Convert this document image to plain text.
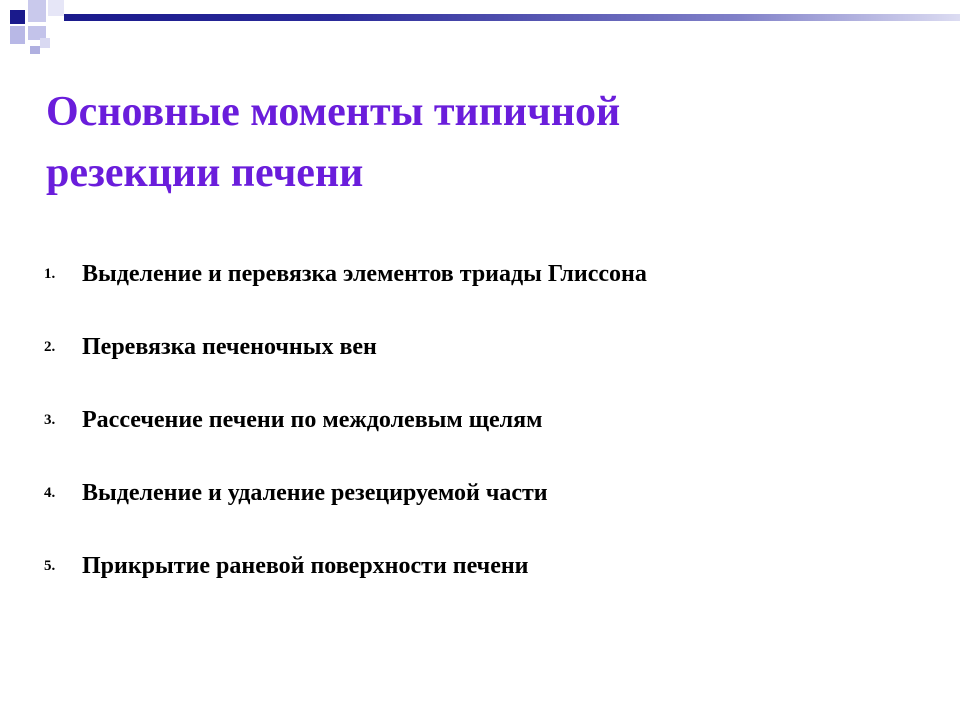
Основные моменты типичной
резекции печени
1.	Выделение и перевязка элементов триады Глиссона
2.	Перевязка печеночных вен
3.	Рассечение печени по междолевым щелям
4.	Выделение и удаление резецируемой части
5.	Прикрытие раневой поверхности печени
